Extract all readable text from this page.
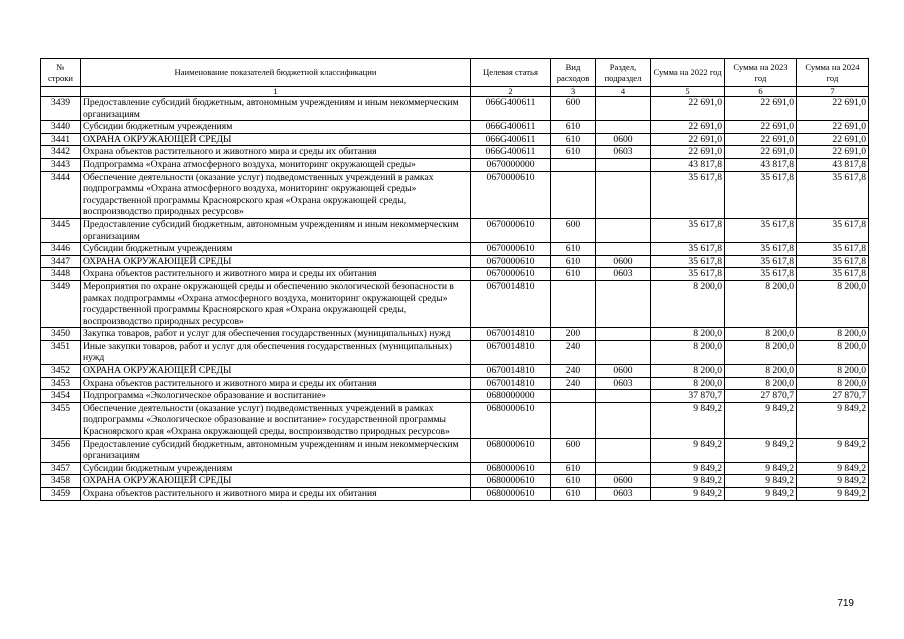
№ строки	Наименование показателей бюджетной классификации	Целевая статья	Вид расходов	Раздел, подраздел	Сумма на 2022 год	Сумма на 2023 год	Сумма на 2024 год
	1	2	3	4	5	6	7
3439	Предоставление субсидий бюджетным, автономным учреждениям и иным некоммерческим организациям	066G400611	600		22 691,0	22 691,0	22 691,0
3440	Субсидии бюджетным учреждениям	066G400611	610		22 691,0	22 691,0	22 691,0
3441	ОХРАНА ОКРУЖАЮЩЕЙ СРЕДЫ	066G400611	610	0600	22 691,0	22 691,0	22 691,0
3442	Охрана объектов растительного и животного мира и среды их обитания	066G400611	610	0603	22 691,0	22 691,0	22 691,0
3443	Подпрограмма «Охрана атмосферного воздуха, мониторинг окружающей среды»	0670000000			43 817,8	43 817,8	43 817,8
3444	Обеспечение деятельности (оказание услуг) подведомственных учреждений в рамках подпрограммы «Охрана атмосферного воздуха, мониторинг окружающей среды» государственной программы Красноярского края «Охрана окружающей среды, воспроизводство природных ресурсов»	0670000610			35 617,8	35 617,8	35 617,8
3445	Предоставление субсидий бюджетным, автономным учреждениям и иным некоммерческим организациям	0670000610	600		35 617,8	35 617,8	35 617,8
3446	Субсидии бюджетным учреждениям	0670000610	610		35 617,8	35 617,8	35 617,8
3447	ОХРАНА ОКРУЖАЮЩЕЙ СРЕДЫ	0670000610	610	0600	35 617,8	35 617,8	35 617,8
3448	Охрана объектов растительного и животного мира и среды их обитания	0670000610	610	0603	35 617,8	35 617,8	35 617,8
3449	Мероприятия по охране окружающей среды и обеспечению экологической безопасности в рамках подпрограммы «Охрана атмосферного воздуха, мониторинг окружающей среды» государственной программы Красноярского края «Охрана окружающей среды, воспроизводство природных ресурсов»	0670014810			8 200,0	8 200,0	8 200,0
3450	Закупка товаров, работ и услуг для обеспечения государственных (муниципальных) нужд	0670014810	200		8 200,0	8 200,0	8 200,0
3451	Иные закупки товаров, работ и услуг для обеспечения государственных (муниципальных) нужд	0670014810	240		8 200,0	8 200,0	8 200,0
3452	ОХРАНА ОКРУЖАЮЩЕЙ СРЕДЫ	0670014810	240	0600	8 200,0	8 200,0	8 200,0
3453	Охрана объектов растительного и животного мира и среды их обитания	0670014810	240	0603	8 200,0	8 200,0	8 200,0
3454	Подпрограмма «Экологическое образование и воспитание»	0680000000			37 870,7	27 870,7	27 870,7
3455	Обеспечение деятельности (оказание услуг) подведомственных учреждений в рамках подпрограммы «Экологическое образование и воспитание» государственной программы Красноярского края «Охрана окружающей среды, воспроизводство природных ресурсов»	0680000610			9 849,2	9 849,2	9 849,2
3456	Предоставление субсидий бюджетным, автономным учреждениям и иным некоммерческим организациям	0680000610	600		9 849,2	9 849,2	9 849,2
3457	Субсидии бюджетным учреждениям	0680000610	610		9 849,2	9 849,2	9 849,2
3458	ОХРАНА ОКРУЖАЮЩЕЙ СРЕДЫ	0680000610	610	0600	9 849,2	9 849,2	9 849,2
3459	Охрана объектов растительного и животного мира и среды их обитания	0680000610	610	0603	9 849,2	9 849,2	9 849,2
719
